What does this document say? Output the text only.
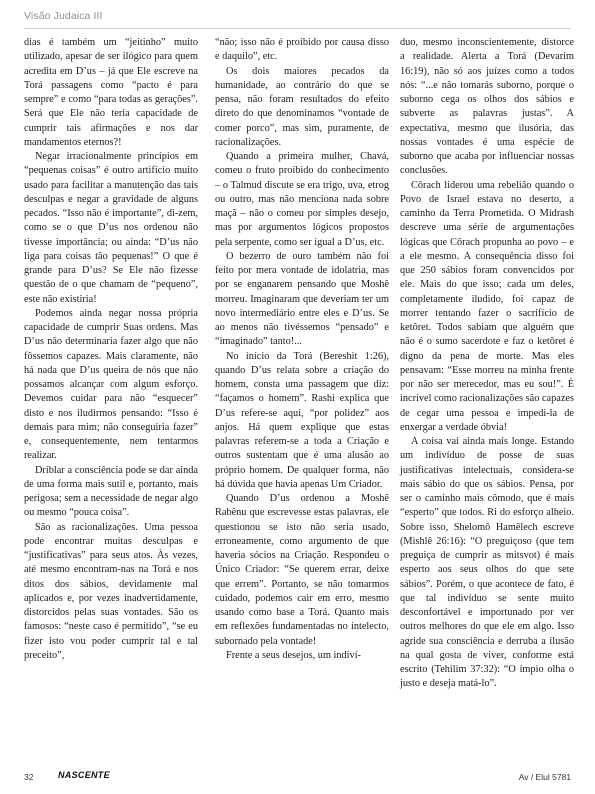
Visão Judaica III

dias é também um “jeitinho” muito utilizado, apesar de ser ilógico para quem acredita em D’us – já que Ele escreve na Torá passagens como “pacto é para sempre” e como “para todas as gerações”. Será que Ele não teria capacidade de cumprir tais afirmações e nos dar mandamentos eternos?!

Negar irracionalmente princípios em “pequenas coisas” é outro artifício muito usado para facilitar a manutenção das tais desculpas e negar a gravidade de alguns pecados. “Isso não é importante”, di-zem, como se o que D’us nos ordenou não tivesse importância; ou ainda: “D’us não liga para coisas tão pequenas!” O que é grande para D’us? Se Ele não fizesse questão de o que chamam de “pequeno”, este não existiria!

Podemos ainda negar nossa própria capacidade de cumprir Suas ordens. Mas D’us não determinaria fazer algo que não fôssemos capazes. Mais claramente, não há nada que D’us queira de nós que não possamos alcançar com algum esforço. Devemos cuidar para não “esquecer” disto e nos iludirmos pensando: “Isso é demais para mim; não conseguiria fazer” e, consequentemente, nem tentarmos realizar.

Driblar a consciência pode se dar ainda de uma forma mais sutil e, portanto, mais perigosa; sem a necessidade de negar algo ou mesmo “pouca coisa”.

São as racionalizações. Uma pessoa pode encontrar muitas desculpas e “justificativas” para seus atos. Às vezes, até mesmo encontram-nas na Torá e nos ditos dos sábios, devidamente mal aplicados e, por vezes inadvertidamente, distorcidos pelas suas vontades. São os famosos: “neste caso é permitido”, “se eu fizer isto vou poder cumprir tal e tal preceito”,

“não; isso não é proibido por causa disso e daquilo”, etc.

Os dois maiores pecados da humanidade, ao contrário do que se pensa, não foram resultados do efeito direto do que denominamos “vontade de comer porco”, mas sim, puramente, de racionalizações.

Quando a primeira mulher, Chavá, comeu o fruto proibido do conhecimento – o Talmud discute se era trigo, uva, etrog ou outro, mas não menciona nada sobre maçã – não o comeu por simples desejo, mas por argumentos lógicos propostos pela serpente, como ser igual a D’us, etc.

O bezerro de ouro também não foi feito por mera vontade de idolatria, mas por se enganarem pensando que Moshê morreu. Imaginaram que deveriam ter um novo intermediário entre eles e D’us. Se ao menos não tivéssemos “pensado” e “imaginado” tanto!...

No início da Torá (Bereshit 1:26), quando D’us relata sobre a criação do homem, consta uma passagem que diz: “façamos o homem”. Rashi explica que D’us refere-se aqui, “por polidez” aos anjos. Há quem explique que estas palavras referem-se a toda a Criação e outros sustentam que é uma alusão ao próprio homem. De qualquer forma, não há dúvida que havia apenas Um Criador.

Quando D’us ordenou a Moshê Rabênu que escrevesse estas palavras, ele questionou se isto não seria usado, erroneamente, como argumento de que haveria sócios na Criação. Respondeu o Único Criador: “Se querem errar, deixe que errem”. Portanto, se não tomarmos cuidado, podemos cair em erro, mesmo usando como base a Torá. Quanto mais em reflexões fundamentadas no intelecto, subornado pela vontade!

Frente a seus desejos, um indiví-

duo, mesmo inconscientemente, distorce a realidade. Alerta a Torá (Devarim 16:19), não só aos juízes como a todos nós: “...e não tomarás suborno, porque o suborno cega os olhos dos sábios e subverte as palavras justas”. A expectativa, mesmo que ilusória, das nossas vontades é uma espécie de suborno que acaba por influenciar nossas conclusões.

Côrach liderou uma rebelião quando o Povo de Israel estava no deserto, a caminho da Terra Prometida. O Midrash descreve uma série de argumentações lógicas que Côrach propunha ao povo – e a ele mesmo. A consequência disso foi que 250 sábios foram convencidos por ele. Mais do que isso; cada um deles, completamente iludido, foi capaz de morrer tentando fazer o sacrifício de ketôret. Todos sabiam que alguém que não é o sumo sacerdote e faz o ketôret é digno da pena de morte. Mas eles pensavam: “Esse morreu na minha frente por não ser merecedor, mas eu sou!”. É incrível como racionalizações são capazes de cegar uma pessoa e impedi-la de enxergar a verdade óbvia!

A coisa vai ainda mais longe. Estando um indivíduo de posse de suas justificativas intelectuais, considera-se mais sábio do que os sábios. Pensa, por ser o caminho mais cômodo, que é mais “esperto” que todos. Ri do esforço alheio. Sobre isso, Shelomô Hamêlech escreve (Mishlê 26:16): “O preguiçoso (que tem preguiça de cumprir as mitsvot) é mais esperto aos seus olhos do que sete sábios”. Porém, o que acontece de fato, é que tal indivíduo se sente muito desconfortável e importunado por ver outros melhores do que ele em algo. Isso agride sua consciência e derruba a ilusão na qual gosta de viver, conforme está escrito (Tehilim 37:32): “O ímpio olha o justo e deseja matá-lo”.

32	NASCENTE	Av / Elul 5781
